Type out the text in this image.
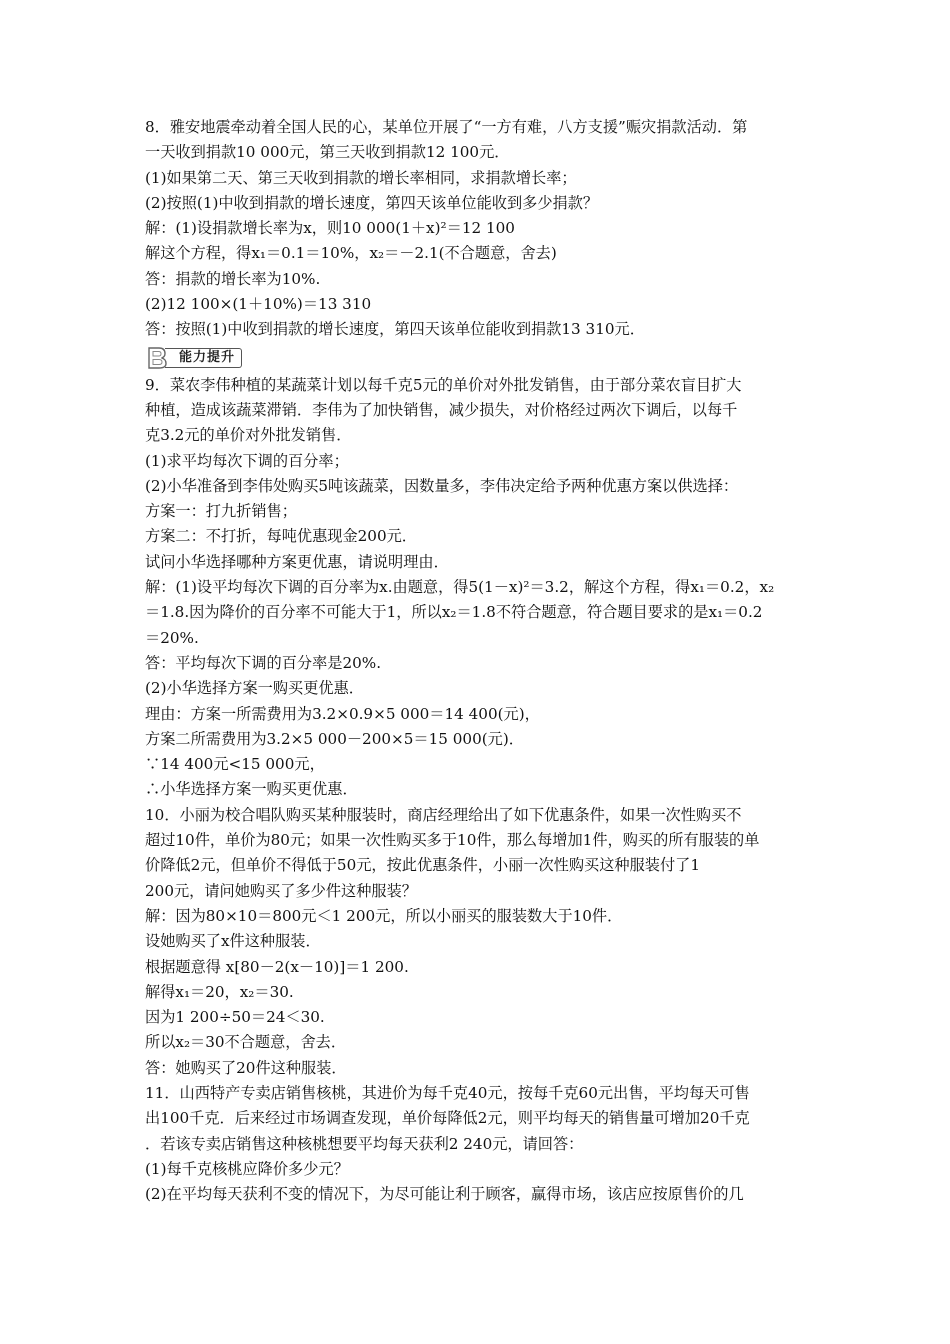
8．雅安地震牵动着全国人民的心，某单位开展了“一方有难，八方支援”赈灾捐款活动．第
一天收到捐款10 000元，第三天收到捐款12 100元．
(1)如果第二天、第三天收到捐款的增长率相同，求捐款增长率；
(2)按照(1)中收到捐款的增长速度，第四天该单位能收到多少捐款？
解：(1)设捐款增长率为x，则10 000(1＋x)²＝12 100
解这个方程，得x₁＝0.1＝10%，x₂＝－2.1(不合题意，舍去)
答：捐款的增长率为10%.
(2)12 100×(1＋10%)＝13 310
答：按照(1)中收到捐款的增长速度，第四天该单位能收到捐款13 310元．
B	能力提升
9．菜农李伟种植的某蔬菜计划以每千克5元的单价对外批发销售，由于部分菜农盲目扩大
种植，造成该蔬菜滞销．李伟为了加快销售，减少损失，对价格经过两次下调后，以每千
克3.2元的单价对外批发销售．
(1)求平均每次下调的百分率；
(2)小华准备到李伟处购买5吨该蔬菜，因数量多，李伟决定给予两种优惠方案以供选择：
方案一：打九折销售；
方案二：不打折，每吨优惠现金200元．
试问小华选择哪种方案更优惠，请说明理由．
解：(1)设平均每次下调的百分率为x.由题意，得5(1－x)²＝3.2，解这个方程，得x₁＝0.2，x₂
＝1.8.因为降价的百分率不可能大于1，所以x₂＝1.8不符合题意，符合题目要求的是x₁＝0.2
＝20%.
答：平均每次下调的百分率是20%.
(2)小华选择方案一购买更优惠．
理由：方案一所需费用为3.2×0.9×5 000＝14 400(元)，
方案二所需费用为3.2×5 000－200×5＝15 000(元)．
∵14 400元<15 000元，
∴小华选择方案一购买更优惠．
10．小丽为校合唱队购买某种服装时，商店经理给出了如下优惠条件，如果一次性购买不
超过10件，单价为80元；如果一次性购买多于10件，那么每增加1件，购买的所有服装的单
价降低2元，但单价不得低于50元，按此优惠条件，小丽一次性购买这种服装付了1
200元，请问她购买了多少件这种服装？
解：因为80×10＝800元＜1 200元，所以小丽买的服装数大于10件．
设她购买了x件这种服装．
根据题意得 x[80－2(x－10)]＝1 200.
解得x₁＝20，x₂＝30.
因为1 200÷50＝24＜30.
所以x₂＝30不合题意，舍去．
答：她购买了20件这种服装．
11．山西特产专卖店销售核桃，其进价为每千克40元，按每千克60元出售，平均每天可售
出100千克．后来经过市场调查发现，单价每降低2元，则平均每天的销售量可增加20千克
．若该专卖店销售这种核桃想要平均每天获利2 240元，请回答：
(1)每千克核桃应降价多少元？
(2)在平均每天获利不变的情况下，为尽可能让利于顾客，赢得市场，该店应按原售价的几
